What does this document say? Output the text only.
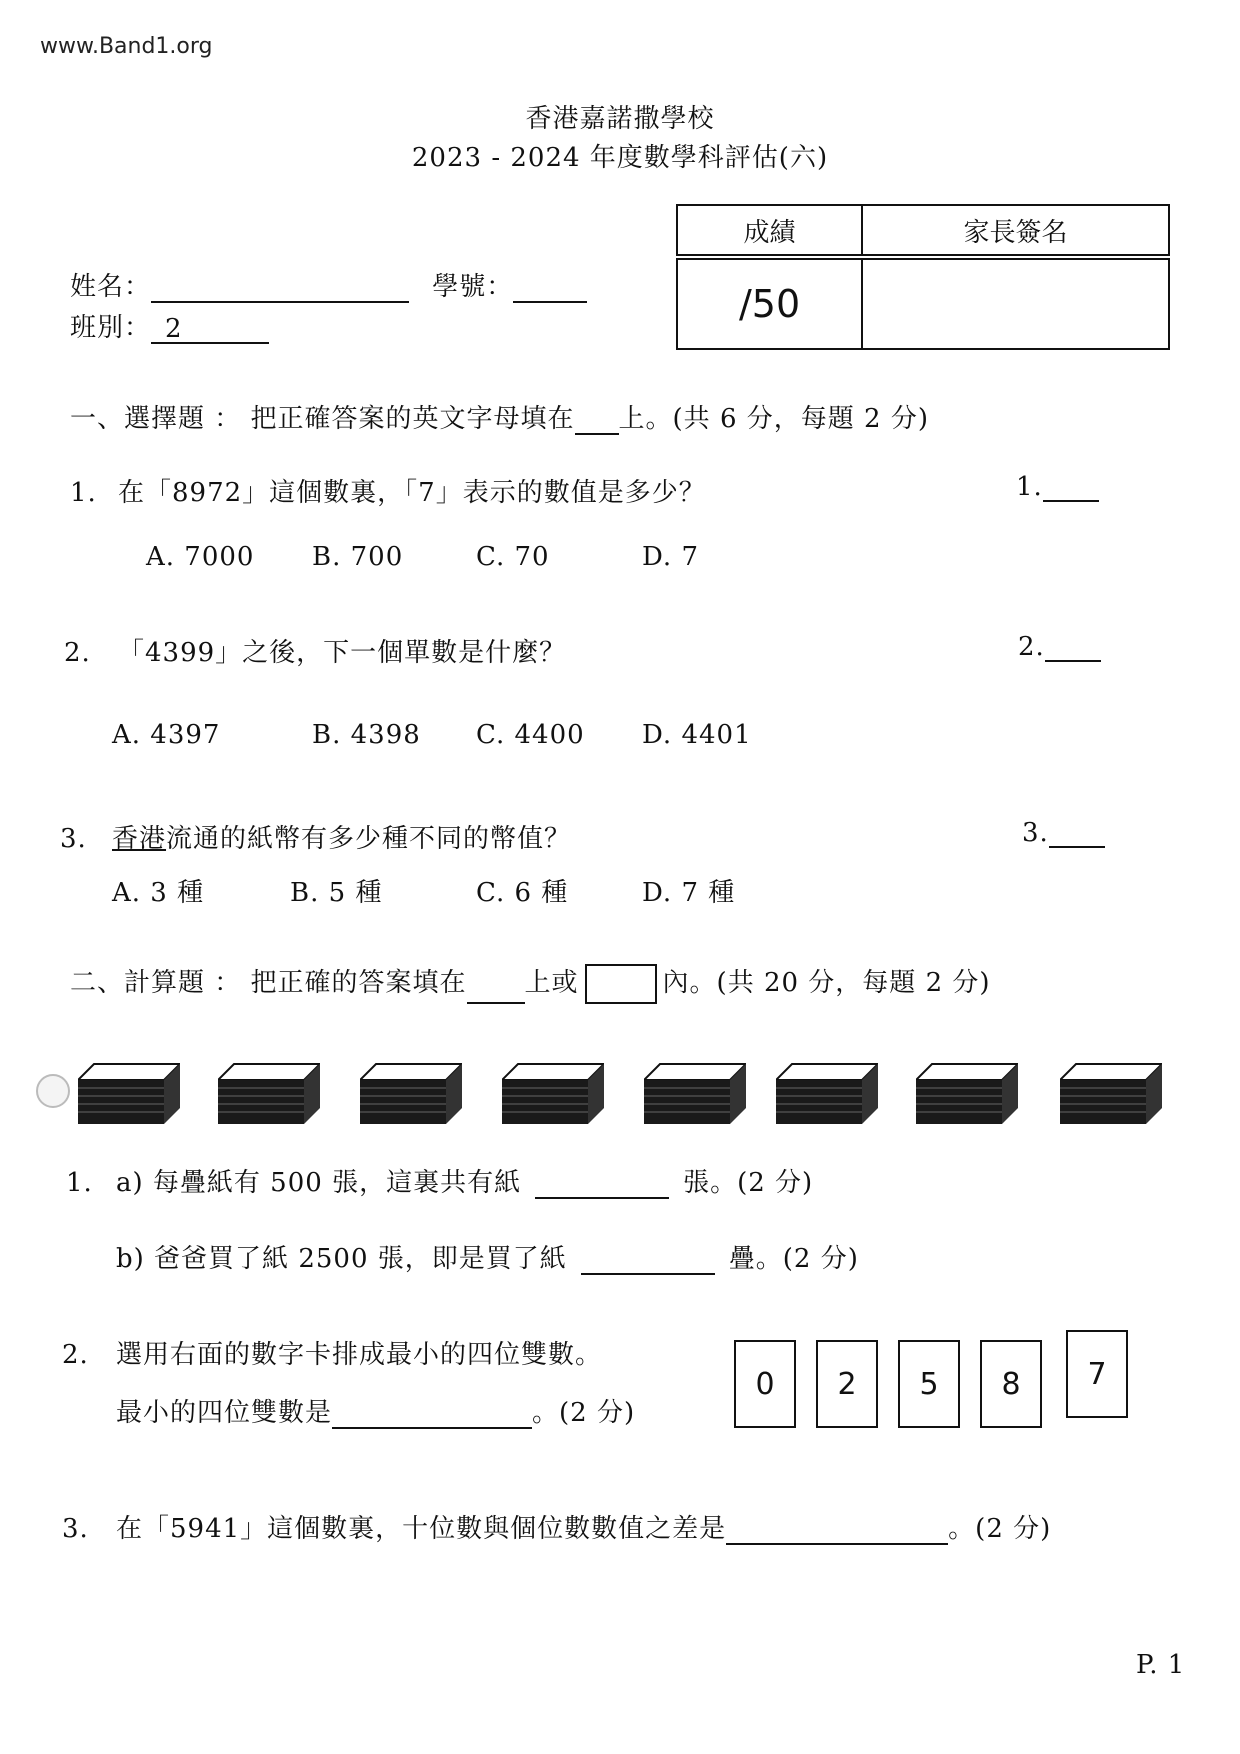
www.Band1.org
香港嘉諾撒學校
2023 - 2024 年度數學科評估(六)
成績	家長簽名
/50	
姓名：	學號：
班別： 2
一、選擇題 ： 把正確答案的英文字母填在 上。(共 6 分，每題 2 分)
1. 在「8972」這個數裏，「7」表示的數值是多少？	1.
A. 7000 B. 700	C. 70	D. 7
2. 「4399」之後，下一個單數是什麼？	2.
A. 4397	B. 4398 C. 4400 D. 4401
3. 香港流通的紙幣有多少種不同的幣值？	3.
A. 3 種	B. 5 種	C. 6 種	D. 7 種
二、計算題 ： 把正確的答案填在 上或	內。(共 20 分，每題 2 分)
1. a) 每疊紙有 500 張，這裏共有紙	張。(2 分)
b) 爸爸買了紙 2500 張，即是買了紙	疊。(2 分)
2. 選用右面的數字卡排成最小的四位雙數。
最小的四位雙數是	。(2 分)
0	2	5	8	7
3. 在「5941」這個數裏，十位數與個位數數值之差是	。(2 分)
P. 1
